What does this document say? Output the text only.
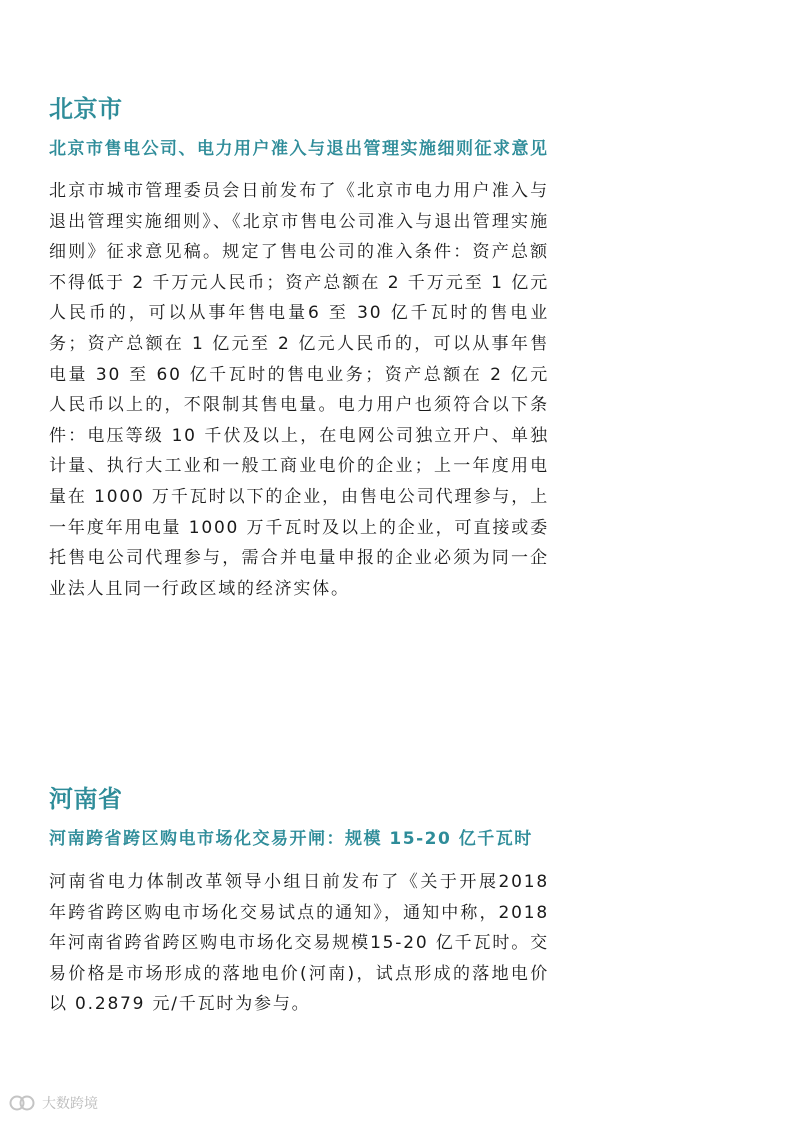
北京市
北京市售电公司、电力用户准入与退出管理实施细则征求意见

北京市城市管理委员会日前发布了《北京市电力用户准入与退出管理实施细则》、《北京市售电公司准入与退出管理实施细则》征求意见稿。规定了售电公司的准入条件：资产总额不得低于 2 千万元人民币；资产总额在 2 千万元至 1 亿元人民币的，可以从事年售电量6 至 30 亿千瓦时的售电业务；资产总额在 1 亿元至 2 亿元人民币的，可以从事年售电量 30 至 60 亿千瓦时的售电业务；资产总额在 2 亿元人民币以上的，不限制其售电量。电力用户也须符合以下条件：电压等级 10 千伏及以上，在电网公司独立开户、单独计量、执行大工业和一般工商业电价的企业；上一年度用电量在 1000 万千瓦时以下的企业，由售电公司代理参与，上一年度年用电量 1000 万千瓦时及以上的企业，可直接或委托售电公司代理参与，需合并电量申报的企业必须为同一企业法人且同一行政区域的经济实体。

河南省
河南跨省跨区购电市场化交易开闸：规模 15-20 亿千瓦时

河南省电力体制改革领导小组日前发布了《关于开展2018 年跨省跨区购电市场化交易试点的通知》，通知中称，2018 年河南省跨省跨区购电市场化交易规模15-20 亿千瓦时。交易价格是市场形成的落地电价(河南)，试点形成的落地电价以 0.2879 元/千瓦时为参与。

大数跨境
